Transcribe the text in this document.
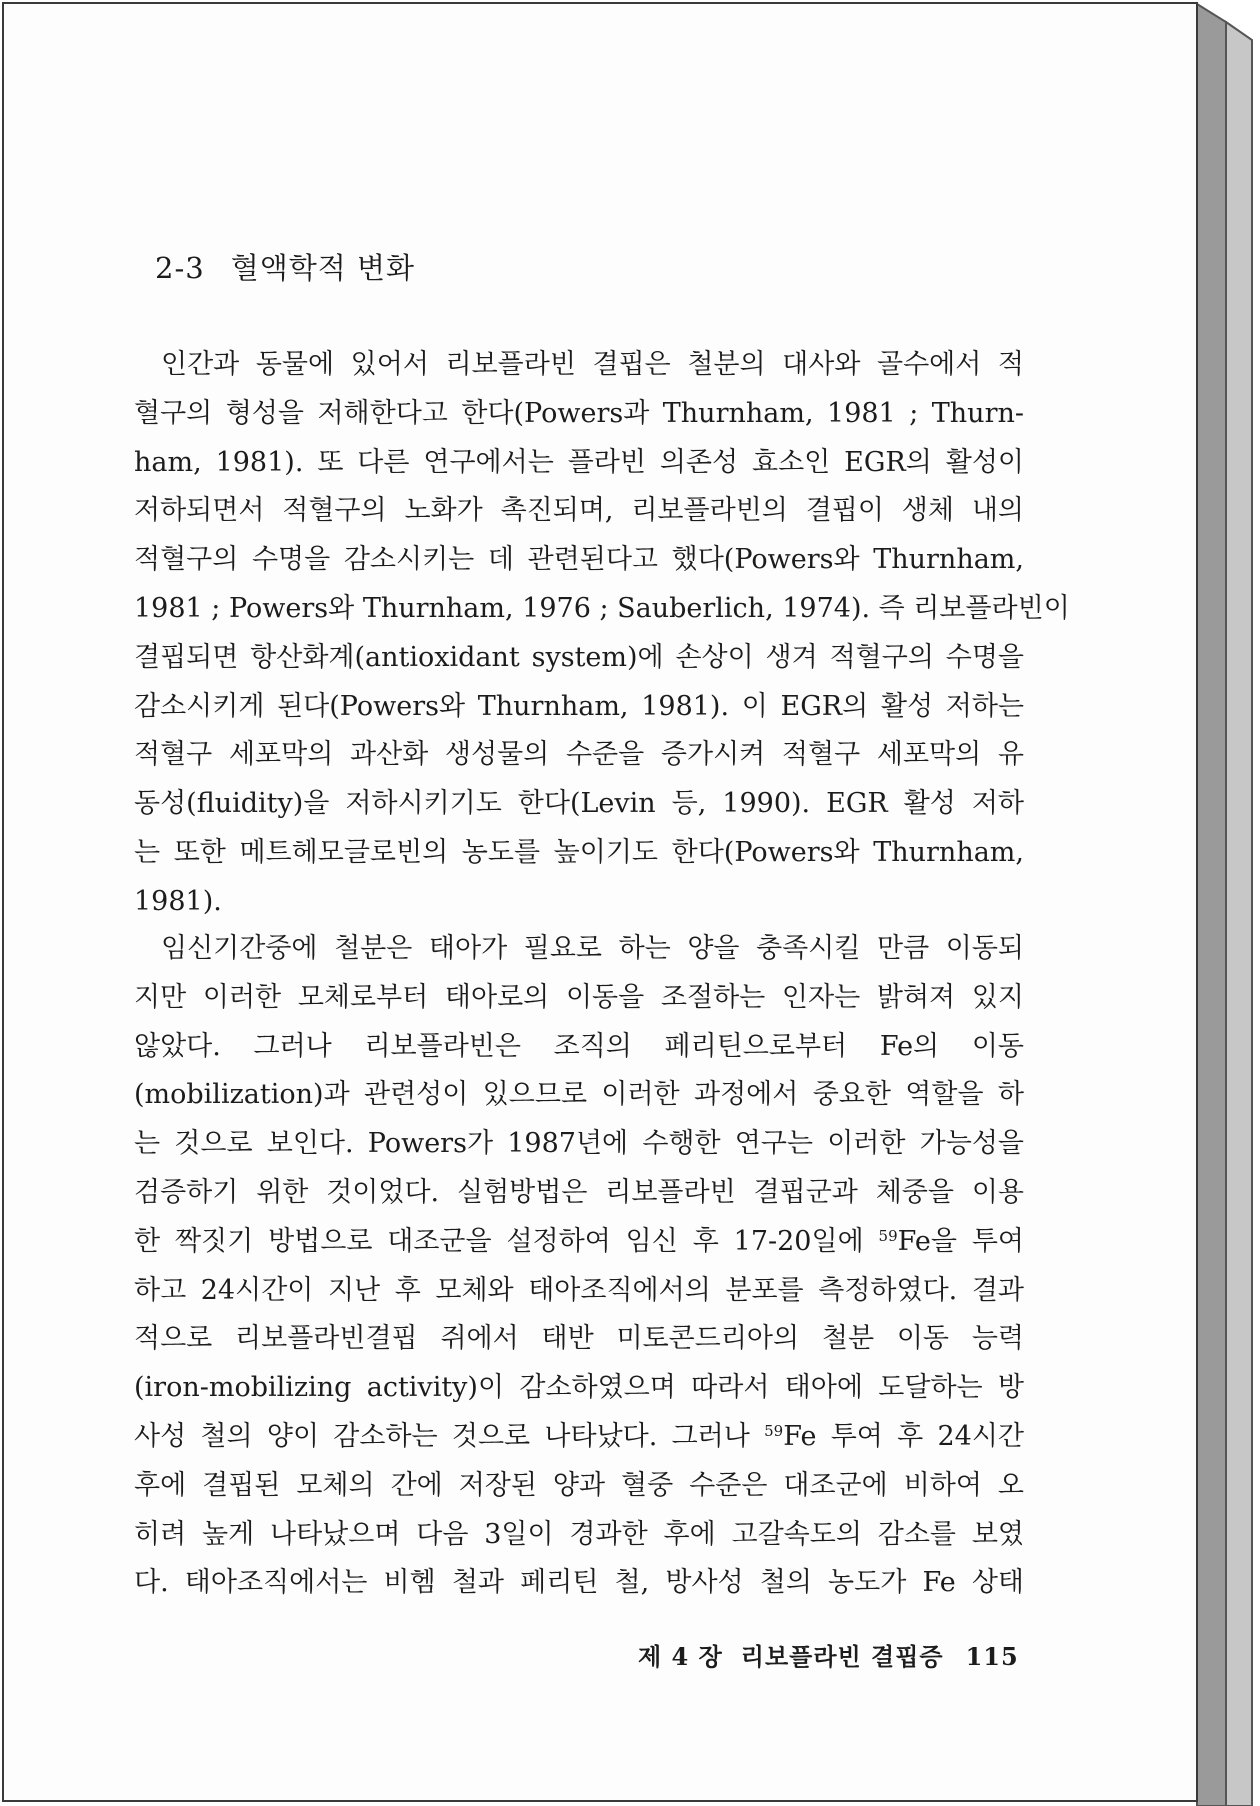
2-3 혈액학적 변화
인간과 동물에 있어서 리보플라빈 결핍은 철분의 대사와 골수에서 적
혈구의 형성을 저해한다고 한다(Powers과 Thurnham, 1981 ; Thurn-
ham, 1981). 또 다른 연구에서는 플라빈 의존성 효소인 EGR의 활성이
저하되면서 적혈구의 노화가 촉진되며, 리보플라빈의 결핍이 생체 내의
적혈구의 수명을 감소시키는 데 관련된다고 했다(Powers와 Thurnham,
1981 ; Powers와 Thurnham, 1976 ; Sauberlich, 1974). 즉 리보플라빈이
결핍되면 항산화계(antioxidant system)에 손상이 생겨 적혈구의 수명을
감소시키게 된다(Powers와 Thurnham, 1981). 이 EGR의 활성 저하는
적혈구 세포막의 과산화 생성물의 수준을 증가시켜 적혈구 세포막의 유
동성(fluidity)을 저하시키기도 한다(Levin 등, 1990). EGR 활성 저하
는 또한 메트헤모글로빈의 농도를 높이기도 한다(Powers와 Thurnham,
1981).
임신기간중에 철분은 태아가 필요로 하는 양을 충족시킬 만큼 이동되
지만 이러한 모체로부터 태아로의 이동을 조절하는 인자는 밝혀져 있지
않았다. 그러나 리보플라빈은 조직의 페리틴으로부터 Fe의 이동
(mobilization)과 관련성이 있으므로 이러한 과정에서 중요한 역할을 하
는 것으로 보인다. Powers가 1987년에 수행한 연구는 이러한 가능성을
검증하기 위한 것이었다. 실험방법은 리보플라빈 결핍군과 체중을 이용
한 짝짓기 방법으로 대조군을 설정하여 임신 후 17-20일에 $^{59}$Fe을 투여
하고 24시간이 지난 후 모체와 태아조직에서의 분포를 측정하였다. 결과
적으로 리보플라빈결핍 쥐에서 태반 미토콘드리아의 철분 이동 능력
(iron-mobilizing activity)이 감소하였으며 따라서 태아에 도달하는 방
사성 철의 양이 감소하는 것으로 나타났다. 그러나 $^{59}$Fe 투여 후 24시간
후에 결핍된 모체의 간에 저장된 양과 혈중 수준은 대조군에 비하여 오
히려 높게 나타났으며 다음 3일이 경과한 후에 고갈속도의 감소를 보였
다. 태아조직에서는 비헴 철과 페리틴 철, 방사성 철의 농도가 Fe 상태
제 4 장 리보플라빈 결핍증 115
